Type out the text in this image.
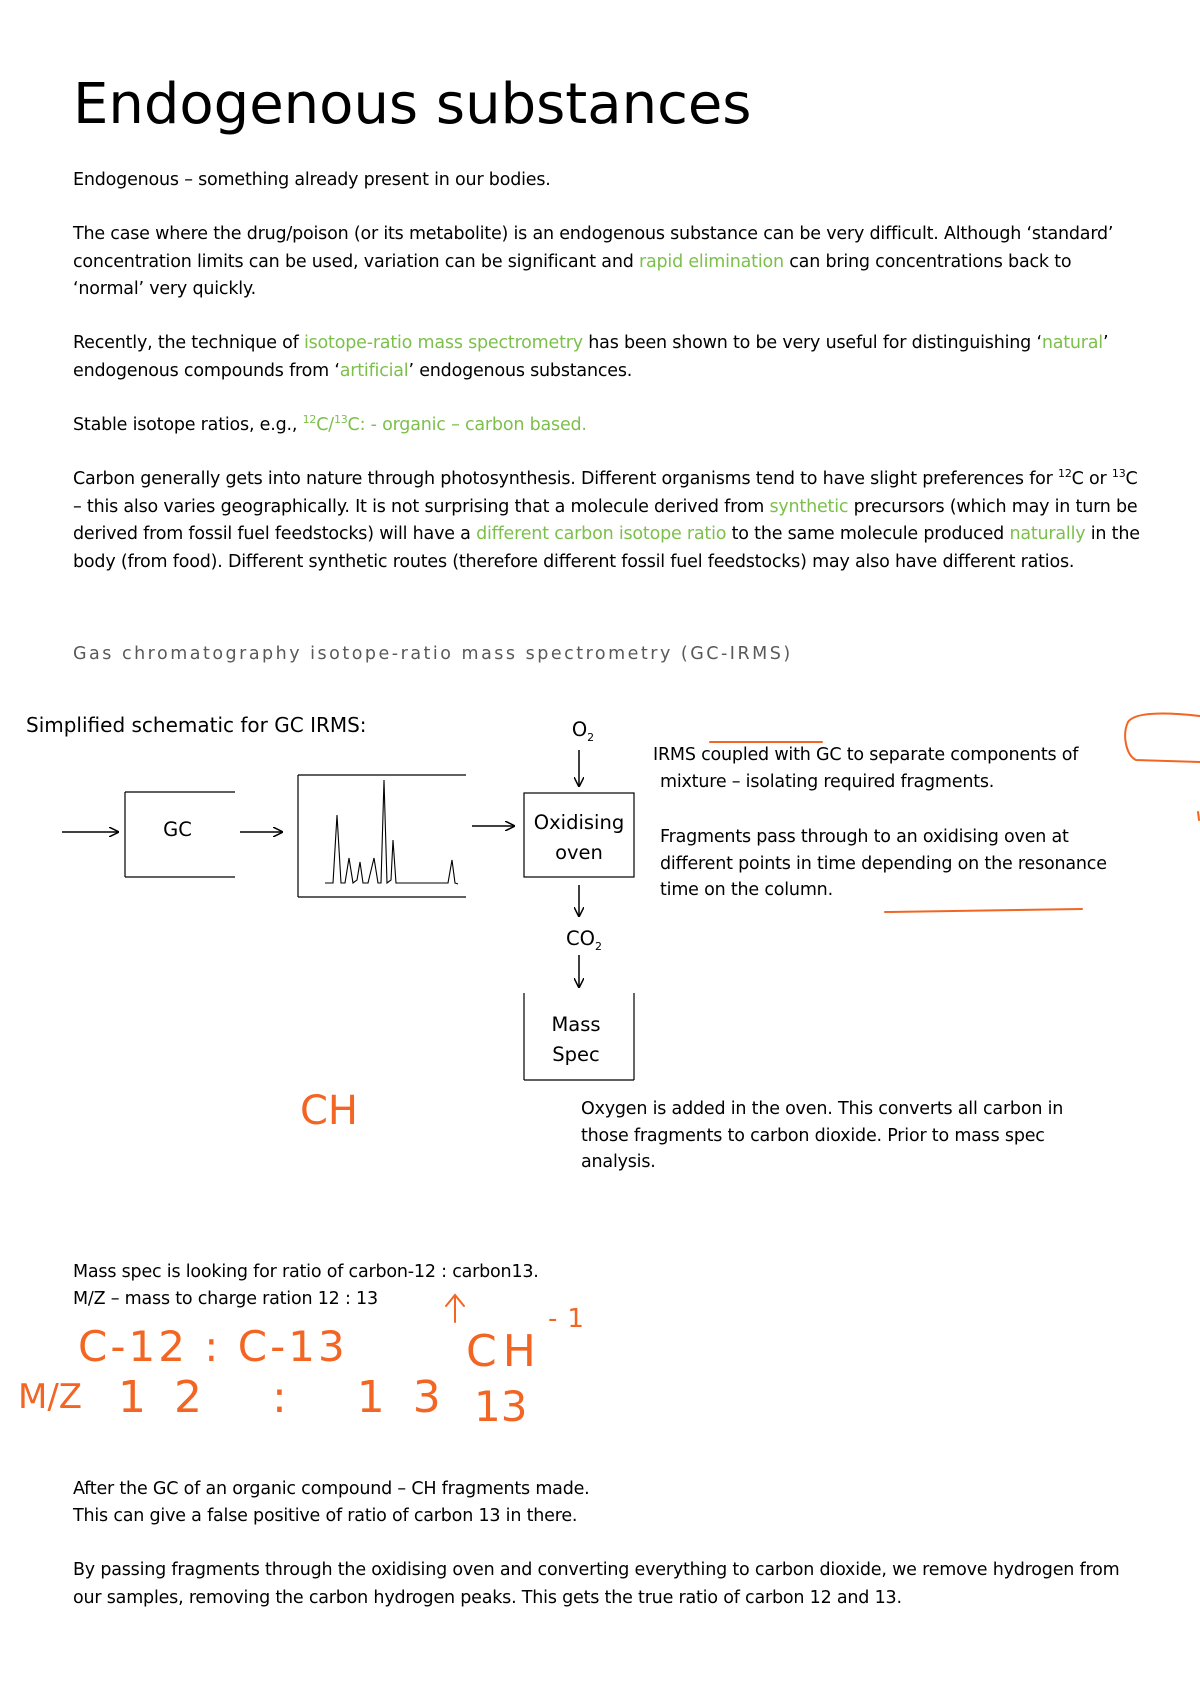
Endogenous substances
Endogenous – something already present in our bodies.
The case where the drug/poison (or its metabolite) is an endogenous substance can be very difficult. Although ‘standard’ concentration limits can be used, variation can be significant and rapid elimination can bring concentrations back to ‘normal’ very quickly.
Recently, the technique of isotope-ratio mass spectrometry has been shown to be very useful for distinguishing ‘natural’ endogenous compounds from ‘artificial’ endogenous substances.
Stable isotope ratios, e.g., $^{12}$C/$^{13}$C: - organic – carbon based.
Carbon generally gets into nature through photosynthesis. Different organisms tend to have slight preferences for $^{12}$C or $^{13}$C – this also varies geographically. It is not surprising that a molecule derived from synthetic precursors (which may in turn be derived from fossil fuel feedstocks) will have a different carbon isotope ratio to the same molecule produced naturally in the body (from food). Different synthetic routes (therefore different fossil fuel feedstocks) may also have different ratios.
Gas chromatography isotope-ratio mass spectrometry (GC-IRMS)
Simplified schematic for GC IRMS:
GC
$O_2$
Oxidising
oven
$CO_2$
Mass
Spec
IRMS coupled with GC to separate components of mixture – isolating required fragments.
Fragments pass through to an oxidising oven at different points in time depending on the resonance time on the column.
Oxygen is added in the oven. This converts all carbon in those fragments to carbon dioxide. Prior to mass spec analysis.
Mass spec is looking for ratio of carbon-12 : carbon13.
M/Z – mass to charge ration 12 : 13
CH
C-12 : C-13
M/Z 12 : 13
CH
-1
13
After the GC of an organic compound – CH fragments made.
This can give a false positive of ratio of carbon 13 in there.
By passing fragments through the oxidising oven and converting everything to carbon dioxide, we remove hydrogen from our samples, removing the carbon hydrogen peaks. This gets the true ratio of carbon 12 and 13.
